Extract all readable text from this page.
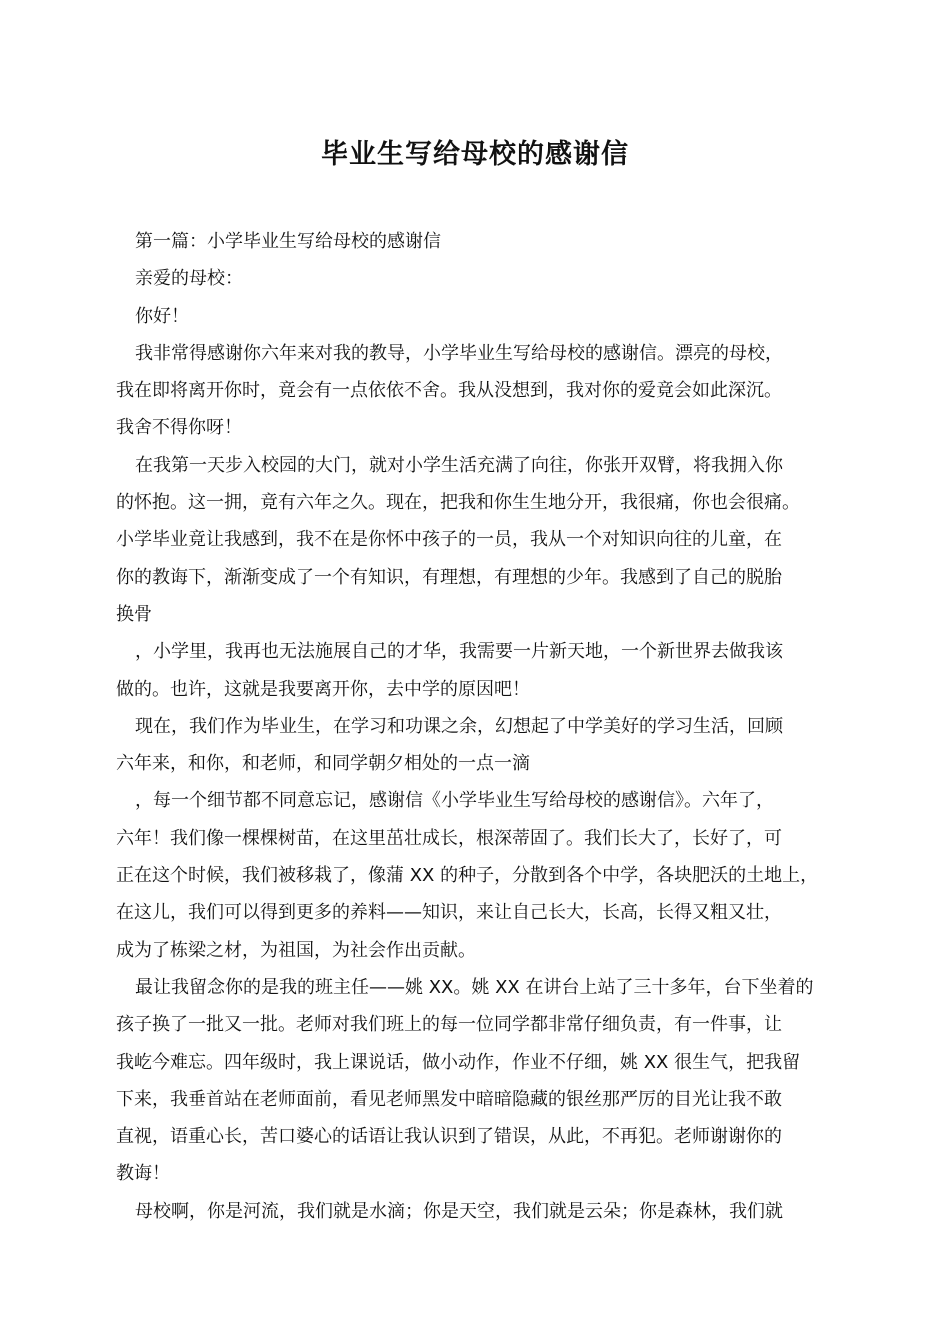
毕业生写给母校的感谢信
第一篇：小学毕业生写给母校的感谢信
亲爱的母校：
你好！
我非常得感谢你六年来对我的教导，小学毕业生写给母校的感谢信。漂亮的母校，
我在即将离开你时，竟会有一点依依不舍。我从没想到，我对你的爱竟会如此深沉。
我舍不得你呀！
在我第一天步入校园的大门，就对小学生活充满了向往，你张开双臂，将我拥入你
的怀抱。这一拥，竟有六年之久。现在，把我和你生生地分开，我很痛，你也会很痛。
小学毕业竟让我感到，我不在是你怀中孩子的一员，我从一个对知识向往的儿童，在
你的教诲下，渐渐变成了一个有知识，有理想，有理想的少年。我感到了自己的脱胎
换骨
，小学里，我再也无法施展自己的才华，我需要一片新天地，一个新世界去做我该
做的。也许，这就是我要离开你，去中学的原因吧！
现在，我们作为毕业生，在学习和功课之余，幻想起了中学美好的学习生活，回顾
六年来，和你，和老师，和同学朝夕相处的一点一滴
，每一个细节都不同意忘记，感谢信《小学毕业生写给母校的感谢信》。六年了，
六年！我们像一棵棵树苗，在这里茁壮成长，根深蒂固了。我们长大了，长好了，可
正在这个时候，我们被移栽了，像蒲 XX 的种子，分散到各个中学，各块肥沃的土地上，
在这儿，我们可以得到更多的养料——知识，来让自己长大，长高，长得又粗又壮，
成为了栋梁之材，为祖国，为社会作出贡献。
最让我留念你的是我的班主任——姚 XX。姚 XX 在讲台上站了三十多年，台下坐着的
孩子换了一批又一批。老师对我们班上的每一位同学都非常仔细负责，有一件事，让
我屹今难忘。四年级时，我上课说话，做小动作，作业不仔细，姚 XX 很生气，把我留
下来，我垂首站在老师面前，看见老师黑发中暗暗隐藏的银丝那严厉的目光让我不敢
直视，语重心长，苦口婆心的话语让我认识到了错误，从此，不再犯。老师谢谢你的
教诲！
母校啊，你是河流，我们就是水滴；你是天空，我们就是云朵；你是森林，我们就
